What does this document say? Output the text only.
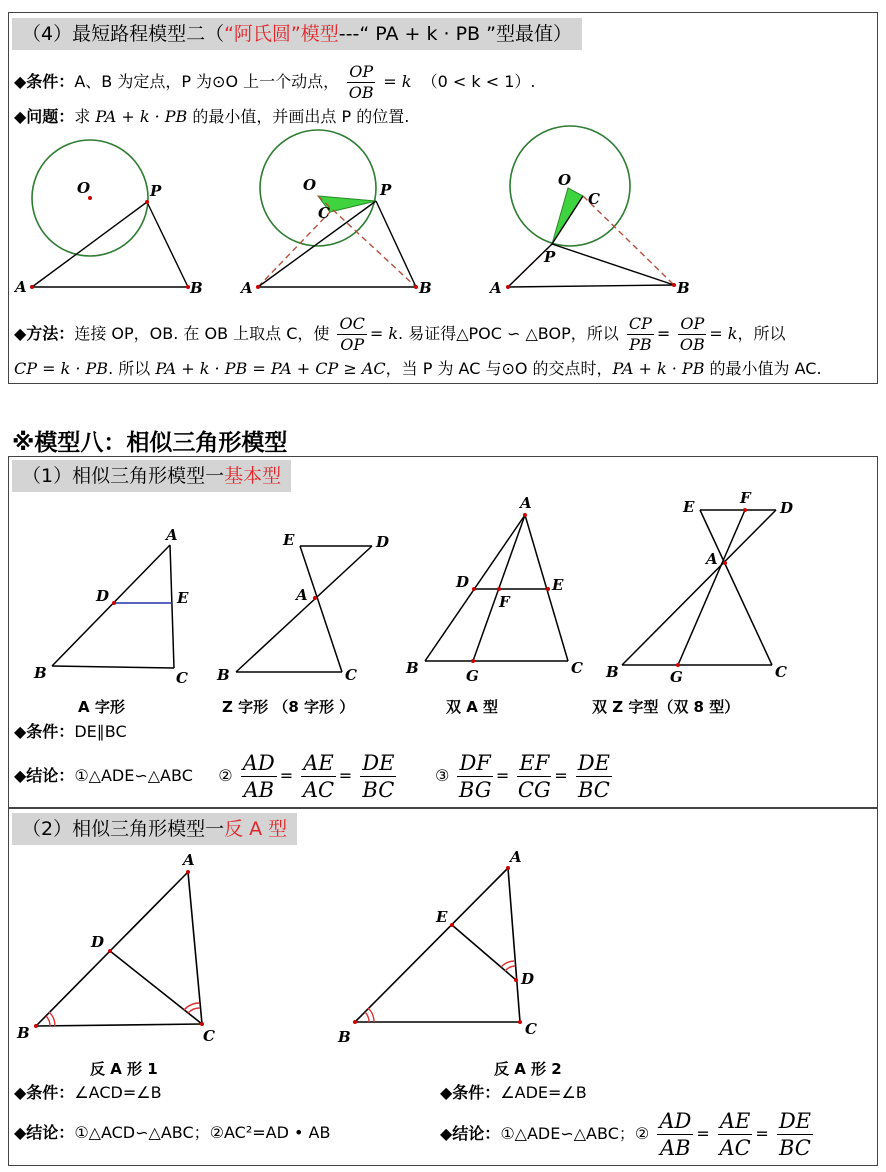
（4）最短路程模型二（“阿氏圆”模型---“ PA + k · PB ”型最值）
◆条件：A、B 为定点，P 为⊙O 上一个动点， $\frac{OP}{OB} = k$ （0 < k < 1）.
◆问题：求 PA + k · PB 的最小值，并画出点 P 的位置.
O	P
A	B
O	P
C
A	B
O
C
P
A	B
◆方法：连接 OP，OB. 在 OB 上取点 C，使 $\frac{OC}{OP} = k$. 易证得△POC ∽ △BOP，所以 $\frac{CP}{PB} = \frac{OP}{OB} = k$，所以
CP = k · PB. 所以 PA + k · PB = PA + CP ≥ AC，当 P 为 AC 与⊙O 的交点时，PA + k · PB 的最小值为 AC.
※模型八：相似三角形模型
（1）相似三角形模型一基本型
A
D	E
B	C
E	D
A
B	C
A
D	E
F
B	G	C
E	F
D
A
B	G	C
A 字形	Z 字形 （8 字形 ）	双 A 型	双 Z 字型（双 8 型）
◆条件：DE∥BC
◆结论：①△ADE∽△ABC ② $\frac{AD}{AB} = \frac{AE}{AC} = \frac{DE}{BC}$ ③ $\frac{DF}{BG} = \frac{EF}{CG} = \frac{DE}{BC}$
（2）相似三角形模型一反 A 型
A
D
B	C
A
E
D
B	C
反 A 形 1	反 A 形 2
◆条件：∠ACD=∠B
◆结论：①△ACD∽△ABC；②AC²=AD • AB
◆条件：∠ADE=∠B
◆结论：①△ADE∽△ABC；② $\frac{AD}{AB} = \frac{AE}{AC} = \frac{DE}{BC}$
